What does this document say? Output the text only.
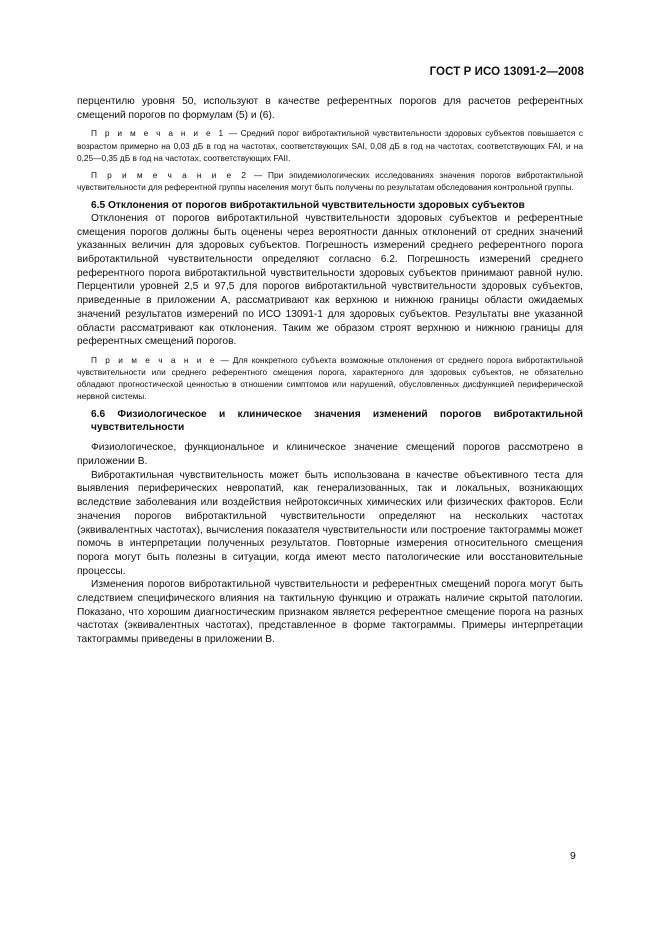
ГОСТ Р ИСО 13091-2—2008

перцентилю уровня 50, используют в качестве референтных порогов для расчетов референтных смещений порогов по формулам (5) и (6).

П р и м е ч а н и е 1 — Средний порог вибротактильной чувствительности здоровых субъектов повышается с возрастом примерно на 0,03 дБ в год на частотах, соответствующих SAI, 0,08 дБ в год на частотах, соответствующих FAI, и на 0,25—0,35 дБ в год на частотах, соответствующих FAII.

П р и м е ч а н и е 2 — При эпидемиологических исследованиях значения порогов вибротактильной чувствительности для референтной группы населения могут быть получены по результатам обследования контрольной группы.

6.5 Отклонения от порогов вибротактильной чувствительности здоровых субъектов

Отклонения от порогов вибротактильной чувствительности здоровых субъектов и референтные смещения порогов должны быть оценены через вероятности данных отклонений от средних значений указанных величин для здоровых субъектов. Погрешность измерений среднего референтного порога вибротактильной чувствительности определяют согласно 6.2. Погрешность измерений среднего референтного порога вибротактильной чувствительности здоровых субъектов принимают равной нулю. Перцентили уровней 2,5 и 97,5 для порогов вибротактильной чувствительности здоровых субъектов, приведенные в приложении А, рассматривают как верхнюю и нижнюю границы области ожидаемых значений результатов измерений по ИСО 13091-1 для здоровых субъектов. Результаты вне указанной области рассматривают как отклонения. Таким же образом строят верхнюю и нижнюю границы для референтных смещений порогов.

П р и м е ч а н и е — Для конкретного субъекта возможные отклонения от среднего порога вибротактильной чувствительности или среднего референтного смещения порога, характерного для здоровых субъектов, не обязательно обладают прогностической ценностью в отношении симптомов или нарушений, обусловленных дисфункцией периферической нервной системы.

6.6 Физиологическое и клиническое значения изменений порогов вибротактильной чувствительности

Физиологическое, функциональное и клиническое значение смещений порогов рассмотрено в приложении В.

Вибротактильная чувствительность может быть использована в качестве объективного теста для выявления периферических невропатий, как генерализованных, так и локальных, возникающих вследствие заболевания или воздействия нейротоксичных химических или физических факторов. Если значения порогов вибротактильной чувствительности определяют на нескольких частотах (эквивалентных частотах), вычисления показателя чувствительности или построение тактограммы может помочь в интерпретации полученных результатов. Повторные измерения относительного смещения порога могут быть полезны в ситуации, когда имеют место патологические или восстановительные процессы.

Изменения порогов вибротактильной чувствительности и референтных смещений порога могут быть следствием специфического влияния на тактильную функцию и отражать наличие скрытой патологии. Показано, что хорошим диагностическим признаком является референтное смещение порога на разных частотах (эквивалентных частотах), представленное в форме тактограммы. Примеры интерпретации тактограммы приведены в приложении В.

9
